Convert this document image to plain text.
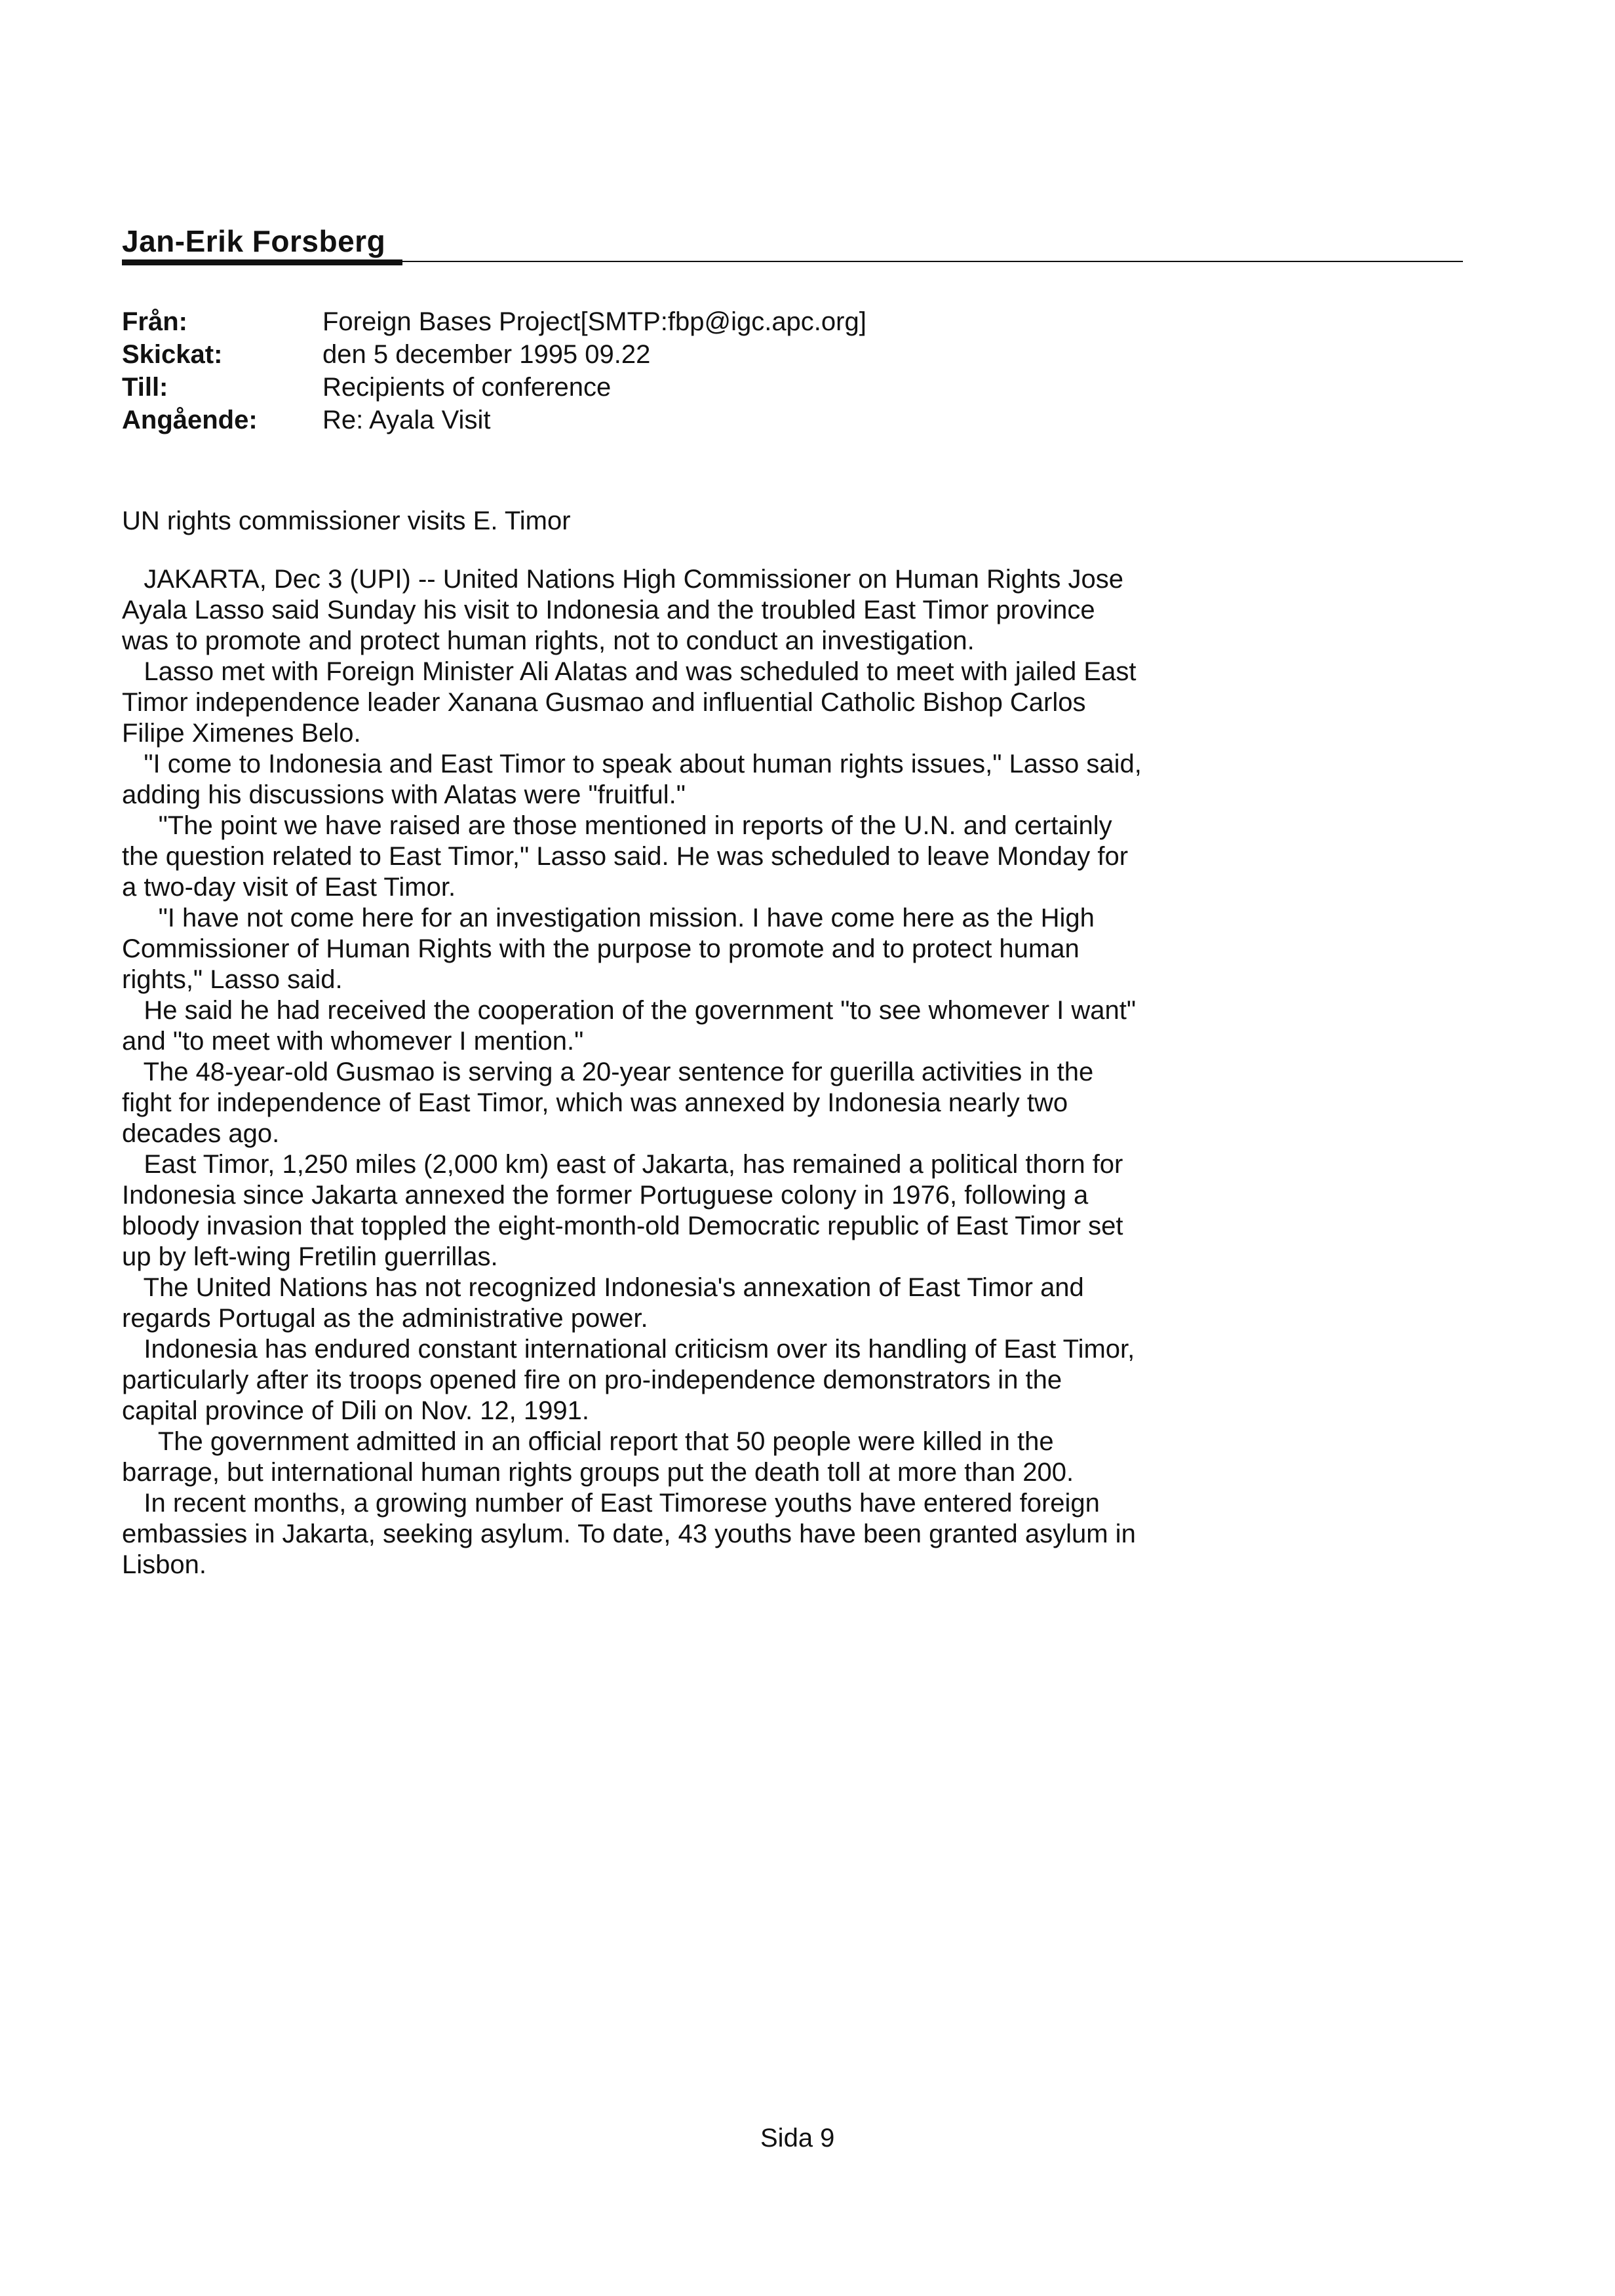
Jan-Erik Forsberg
Från:	Foreign Bases Project[SMTP:fbp@igc.apc.org]
Skickat:	den 5 december 1995 09.22
Till:	Recipients of conference
Angående:	Re: Ayala Visit

UN rights commissioner visits E. Timor

JAKARTA, Dec 3 (UPI) -- United Nations High Commissioner on Human Rights Jose Ayala Lasso said Sunday his visit to Indonesia and the troubled East Timor province was to promote and protect human rights, not to conduct an investigation.

Lasso met with Foreign Minister Ali Alatas and was scheduled to meet with jailed East Timor independence leader Xanana Gusmao and influential Catholic Bishop Carlos Filipe Ximenes Belo.

"I come to Indonesia and East Timor to speak about human rights issues," Lasso said, adding his discussions with Alatas were "fruitful."

"The point we have raised are those mentioned in reports of the U.N. and certainly the question related to East Timor," Lasso said. He was scheduled to leave Monday for a two-day visit of East Timor.

"I have not come here for an investigation mission. I have come here as the High Commissioner of Human Rights with the purpose to promote and to protect human rights," Lasso said.

He said he had received the cooperation of the government "to see whomever I want" and "to meet with whomever I mention."

The 48-year-old Gusmao is serving a 20-year sentence for guerilla activities in the fight for independence of East Timor, which was annexed by Indonesia nearly two decades ago.

East Timor, 1,250 miles (2,000 km) east of Jakarta, has remained a political thorn for Indonesia since Jakarta annexed the former Portuguese colony in 1976, following a bloody invasion that toppled the eight-month-old Democratic republic of East Timor set up by left-wing Fretilin guerrillas.

The United Nations has not recognized Indonesia's annexation of East Timor and regards Portugal as the administrative power.

Indonesia has endured constant international criticism over its handling of East Timor, particularly after its troops opened fire on pro-independence demonstrators in the capital province of Dili on Nov. 12, 1991.

The government admitted in an official report that 50 people were killed in the barrage, but international human rights groups put the death toll at more than 200.

In recent months, a growing number of East Timorese youths have entered foreign embassies in Jakarta, seeking asylum. To date, 43 youths have been granted asylum in Lisbon.

Sida 9
